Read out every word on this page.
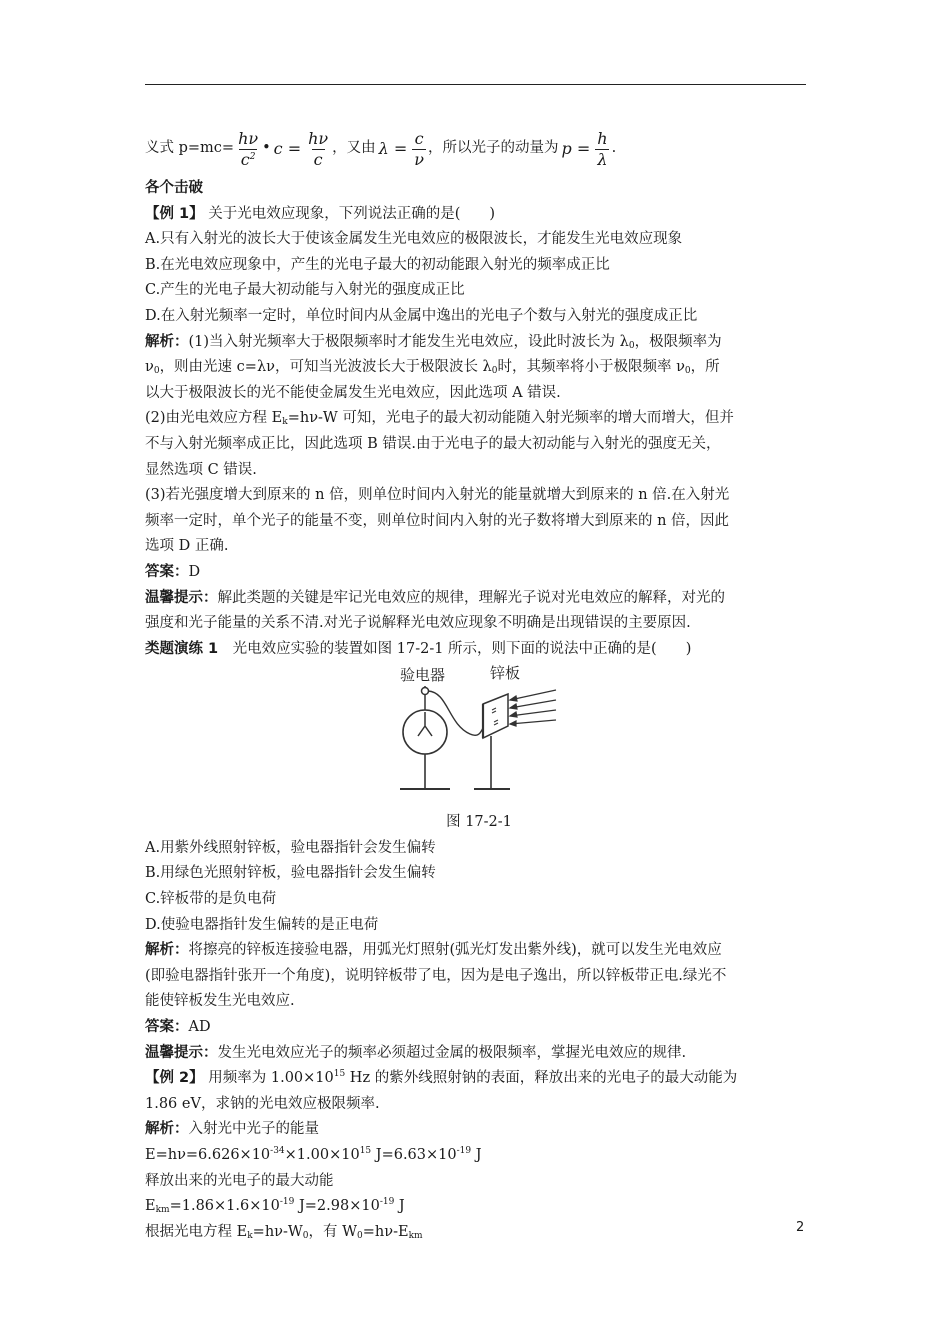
义式 $p=mc= \frac{h\nu}{c^2}$ • $c = \frac{h\nu}{c}$ ，又由 $\lambda = \frac{c}{\nu}$ ，所以光子的动量为 $p = \frac{h}{\lambda}$ .

各个击破

【例 1】 关于光电效应现象，下列说法正确的是(　　)

A.只有入射光的波长大于使该金属发生光电效应的极限波长，才能发生光电效应现象

B.在光电效应现象中，产生的光电子最大的初动能跟入射光的频率成正比

C.产生的光电子最大初动能与入射光的强度成正比

D.在入射光频率一定时，单位时间内从金属中逸出的光电子个数与入射光的强度成正比

解析：(1)当入射光频率大于极限频率时才能发生光电效应，设此时波长为 $\lambda_0$，极限频率为

$\nu_0$，则由光速 c=λν，可知当光波波长大于极限波长 $\lambda_0$时，其频率将小于极限频率 $\nu_0$，所

以大于极限波长的光不能使金属发生光电效应，因此选项 A 错误.

(2)由光电效应方程 $E_k=h\nu-W$ 可知，光电子的最大初动能随入射光频率的增大而增大，但并

不与入射光频率成正比，因此选项 B 错误.由于光电子的最大初动能与入射光的强度无关，

显然选项 C 错误.

(3)若光强度增大到原来的 n 倍，则单位时间内入射光的能量就增大到原来的 n 倍.在入射光

频率一定时，单个光子的能量不变，则单位时间内入射的光子数将增大到原来的 n 倍，因此

选项 D 正确.

答案：D

温馨提示：解此类题的关键是牢记光电效应的规律，理解光子说对光电效应的解释，对光的

强度和光子能量的关系不清.对光子说解释光电效应现象不明确是出现错误的主要原因.

类题演练 1　光电效应实验的装置如图 17-2-1 所示，则下面的说法中正确的是(　　)

验电器	锌板

图 17-2-1

A.用紫外线照射锌板，验电器指针会发生偏转

B.用绿色光照射锌板，验电器指针会发生偏转

C.锌板带的是负电荷

D.使验电器指针发生偏转的是正电荷

解析：将擦亮的锌板连接验电器，用弧光灯照射(弧光灯发出紫外线)，就可以发生光电效应

(即验电器指针张开一个角度)，说明锌板带了电，因为是电子逸出，所以锌板带正电.绿光不

能使锌板发生光电效应.

答案：AD

温馨提示：发生光电效应光子的频率必须超过金属的极限频率，掌握光电效应的规律.

【例 2】 用频率为 $1.00\times 10^{15}$ Hz 的紫外线照射钠的表面，释放出来的光电子的最大动能为

1.86 eV，求钠的光电效应极限频率.

解析：入射光中光子的能量

$E=h\nu=6.626\times 10^{-34}\times 1.00\times 10^{15}$ $J=6.63\times 10^{-19}$ J

释放出来的光电子的最大动能

$E_{km}=1.86\times 1.6\times 10^{-19}$ $J=2.98\times 10^{-19}$ J

根据光电方程 $E_k=h\nu-W_0$，有 $W_0=h\nu-E_{km}$

2
